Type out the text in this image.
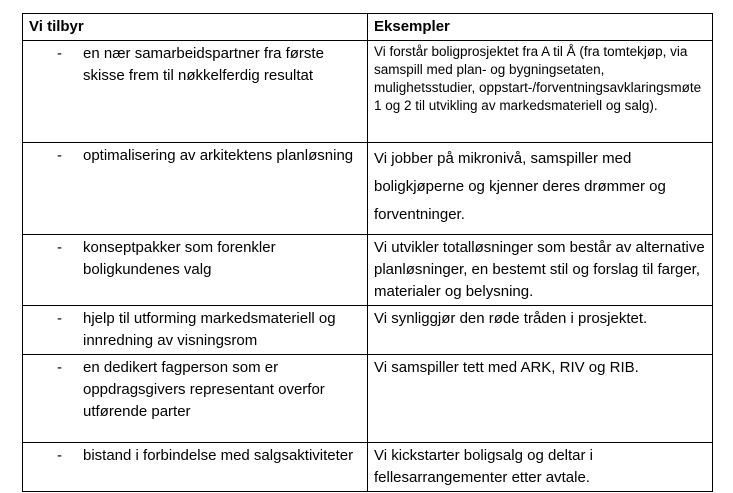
Vi tilbyr	Eksempler

- en nær samarbeidspartner fra første skisse frem til nøkkelferdig resultat	Vi forstår boligprosjektet fra A til Å (fra tomtekjøp, via samspill med plan- og bygningsetaten, mulighetsstudier, oppstart-/forventningsavklaringsmøte 1 og 2 til utvikling av markedsmateriell og salg).

- optimalisering av arkitektens planløsning	Vi jobber på mikronivå, samspiller med boligkjøperne og kjenner deres drømmer og forventninger.

- konseptpakker som forenkler boligkundenes valg	Vi utvikler totalløsninger som består av alternative planløsninger, en bestemt stil og forslag til farger, materialer og belysning.

- hjelp til utforming markedsmateriell og innredning av visningsrom	Vi synliggjør den røde tråden i prosjektet.

- en dedikert fagperson som er oppdragsgivers representant overfor utførende parter	Vi samspiller tett med ARK, RIV og RIB.

- bistand i forbindelse med salgsaktiviteter	Vi kickstarter boligsalg og deltar i fellesarrangementer etter avtale.
